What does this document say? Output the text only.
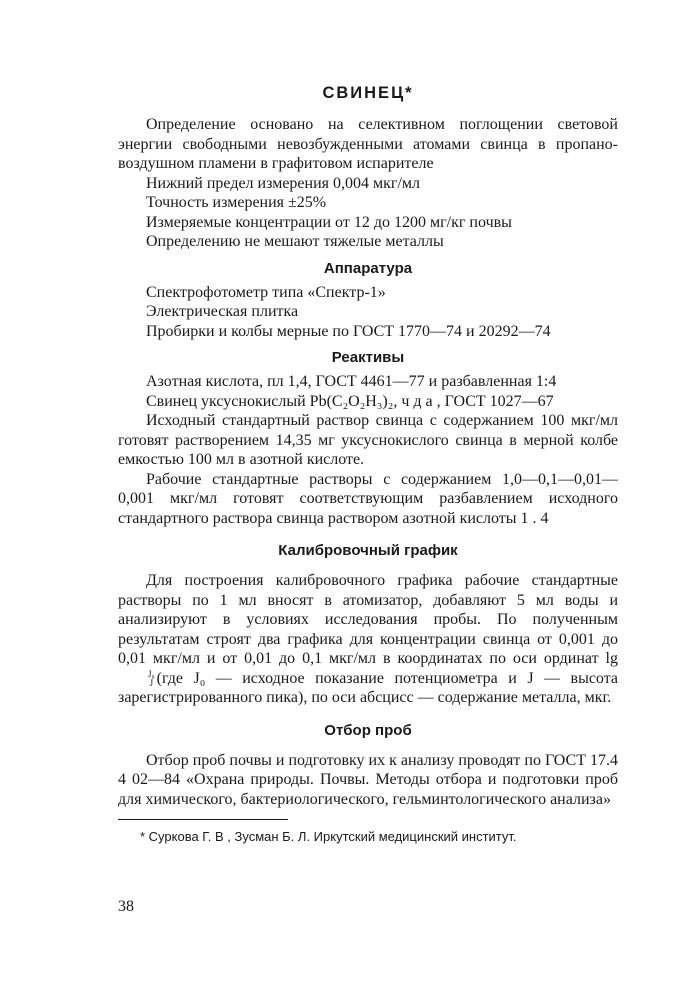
СВИНЕЦ*

Определение основано на селективном поглощении световой энергии свободными невозбужденными атомами свинца в пропано-воздушном пламени в графитовом испарителе

Нижний предел измерения 0,004 мкг/мл

Точность измерения ±25%

Измеряемые концентрации от 12 до 1200 мг/кг почвы

Определению не мешают тяжелые металлы

Аппаратура

Спектрофотометр типа «Спектр-1»

Электрическая плитка

Пробирки и колбы мерные по ГОСТ 1770—74 и 20292—74

Реактивы

Азотная кислота, пл 1,4, ГОСТ 4461—77 и разбавленная 1:4

Свинец уксуснокислый Pb(C₂O₂H₃)₂, ч д а , ГОСТ 1027—67

Исходный стандартный раствор свинца с содержанием 100 мкг/мл готовят растворением 14,35 мг уксуснокислого свинца в мерной колбе емкостью 100 мл в азотной кислоте.

Рабочие стандартные растворы с содержанием 1,0—0,1—0,01—0,001 мкг/мл готовят соответствующим разбавлением исходного стандартного раствора свинца раствором азотной кислоты 1 . 4

Калибровочный график

Для построения калибровочного графика рабочие стандартные растворы по 1 мл вносят в атомизатор, добавляют 5 мл воды и анализируют в условиях исследования пробы. По полученным результатам строят два графика для концентрации свинца от 0,001 до 0,01 мкг/мл и от 0,01 до 0,1 мкг/мл в координатах по оси ординат lg
J₀
J (где J₀ — исходное показание потенциометра и J — высота зарегистрированного пика), по оси абсцисс — содержание металла, мкг.

Отбор проб

Отбор проб почвы и подготовку их к анализу проводят по ГОСТ 17.4 4 02—84 «Охрана природы. Почвы. Методы отбора и подготовки проб для химического, бактериологического, гельминтологического анализа»

* Суркова Г. В , Зусман Б. Л. Иркутский медицинский институт.
38
